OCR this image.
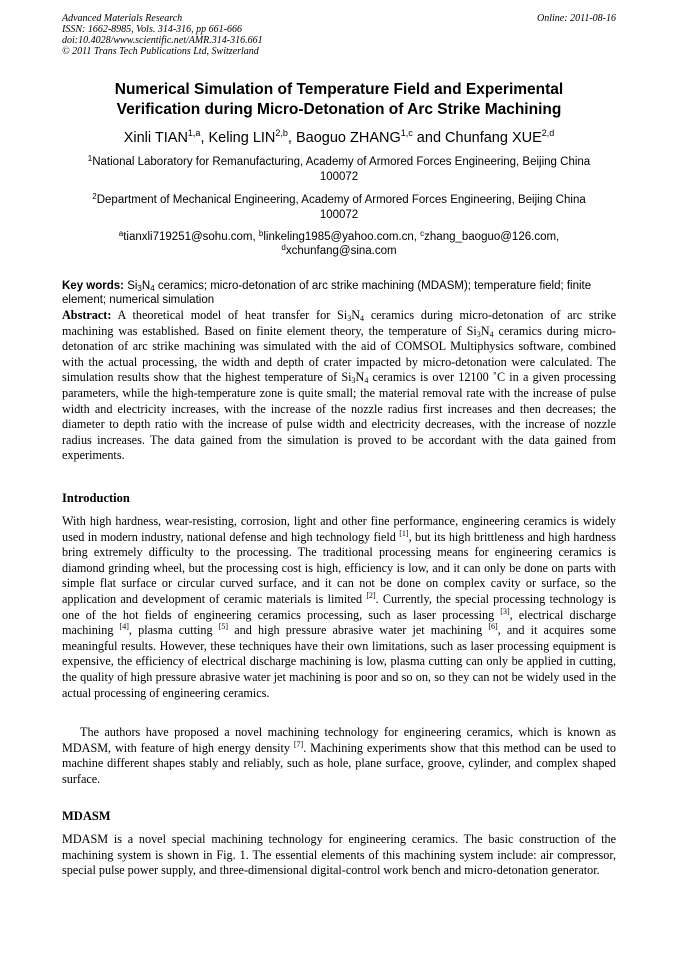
Advanced Materials Research
ISSN: 1662-8985, Vols. 314-316, pp 661-666
doi:10.4028/www.scientific.net/AMR.314-316.661
© 2011 Trans Tech Publications Ltd, Switzerland
Online: 2011-08-16
Numerical Simulation of Temperature Field and Experimental
Verification during Micro-Detonation of Arc Strike Machining
Xinli TIAN$^{1,a}$, Keling LIN$^{2,b}$, Baoguo ZHANG$^{1,c}$ and Chunfang XUE$^{2,d}$
$^1$National Laboratory for Remanufacturing, Academy of Armored Forces Engineering, Beijing China
100072
$^2$Department of Mechanical Engineering, Academy of Armored Forces Engineering, Beijing China
100072
$^a$tianxli719251@sohu.com, $^b$linkeling1985@yahoo.com.cn, $^c$zhang_baoguo@126.com,
$^d$xchunfang@sina.com
Key words: $Si_3N_4$ ceramics; micro-detonation of arc strike machining (MDASM); temperature field; finite element; numerical simulation
Abstract: A theoretical model of heat transfer for $Si_3N_4$ ceramics during micro-detonation of arc strike machining was established. Based on finite element theory, the temperature of $Si_3N_4$ ceramics during micro-detonation of arc strike machining was simulated with the aid of COMSOL Multiphysics software, combined with the actual processing, the width and depth of crater impacted by micro-detonation were calculated. The simulation results show that the highest temperature of $Si_3N_4$ ceramics is over 12100 ˚C in a given processing parameters, while the high-temperature zone is quite small; the material removal rate with the increase of pulse width and electricity increases, with the increase of the nozzle radius first increases and then decreases; the diameter to depth ratio with the increase of pulse width and electricity decreases, with the increase of nozzle radius increases. The data gained from the simulation is proved to be accordant with the data gained from experiments.
Introduction

With high hardness, wear-resisting, corrosion, light and other fine performance, engineering ceramics is widely used in modern industry, national defense and high technology field [1], but its high brittleness and high hardness bring extremely difficulty to the processing. The traditional processing means for engineering ceramics is diamond grinding wheel, but the processing cost is high, efficiency is low, and it can only be done on parts with simple flat surface or circular curved surface, and it can not be done on complex cavity or surface, so the application and development of ceramic materials is limited [2]. Currently, the special processing technology is one of the hot fields of engineering ceramics processing, such as laser processing [3], electrical discharge machining [4], plasma cutting [5] and high pressure abrasive water jet machining [6], and it acquires some meaningful results. However, these techniques have their own limitations, such as laser processing equipment is expensive, the efficiency of electrical discharge machining is low, plasma cutting can only be applied in cutting, the quality of high pressure abrasive water jet machining is poor and so on, so they can not be widely used in the actual processing of engineering ceramics.

The authors have proposed a novel machining technology for engineering ceramics, which is known as MDASM, with feature of high energy density [7]. Machining experiments show that this method can be used to machine different shapes stably and reliably, such as hole, plane surface, groove, cylinder, and complex shaped surface.

MDASM

MDASM is a novel special machining technology for engineering ceramics. The basic construction of the machining system is shown in Fig. 1. The essential elements of this machining system include: air compressor, special pulse power supply, and three-dimensional digital-control work bench and micro-detonation generator.
